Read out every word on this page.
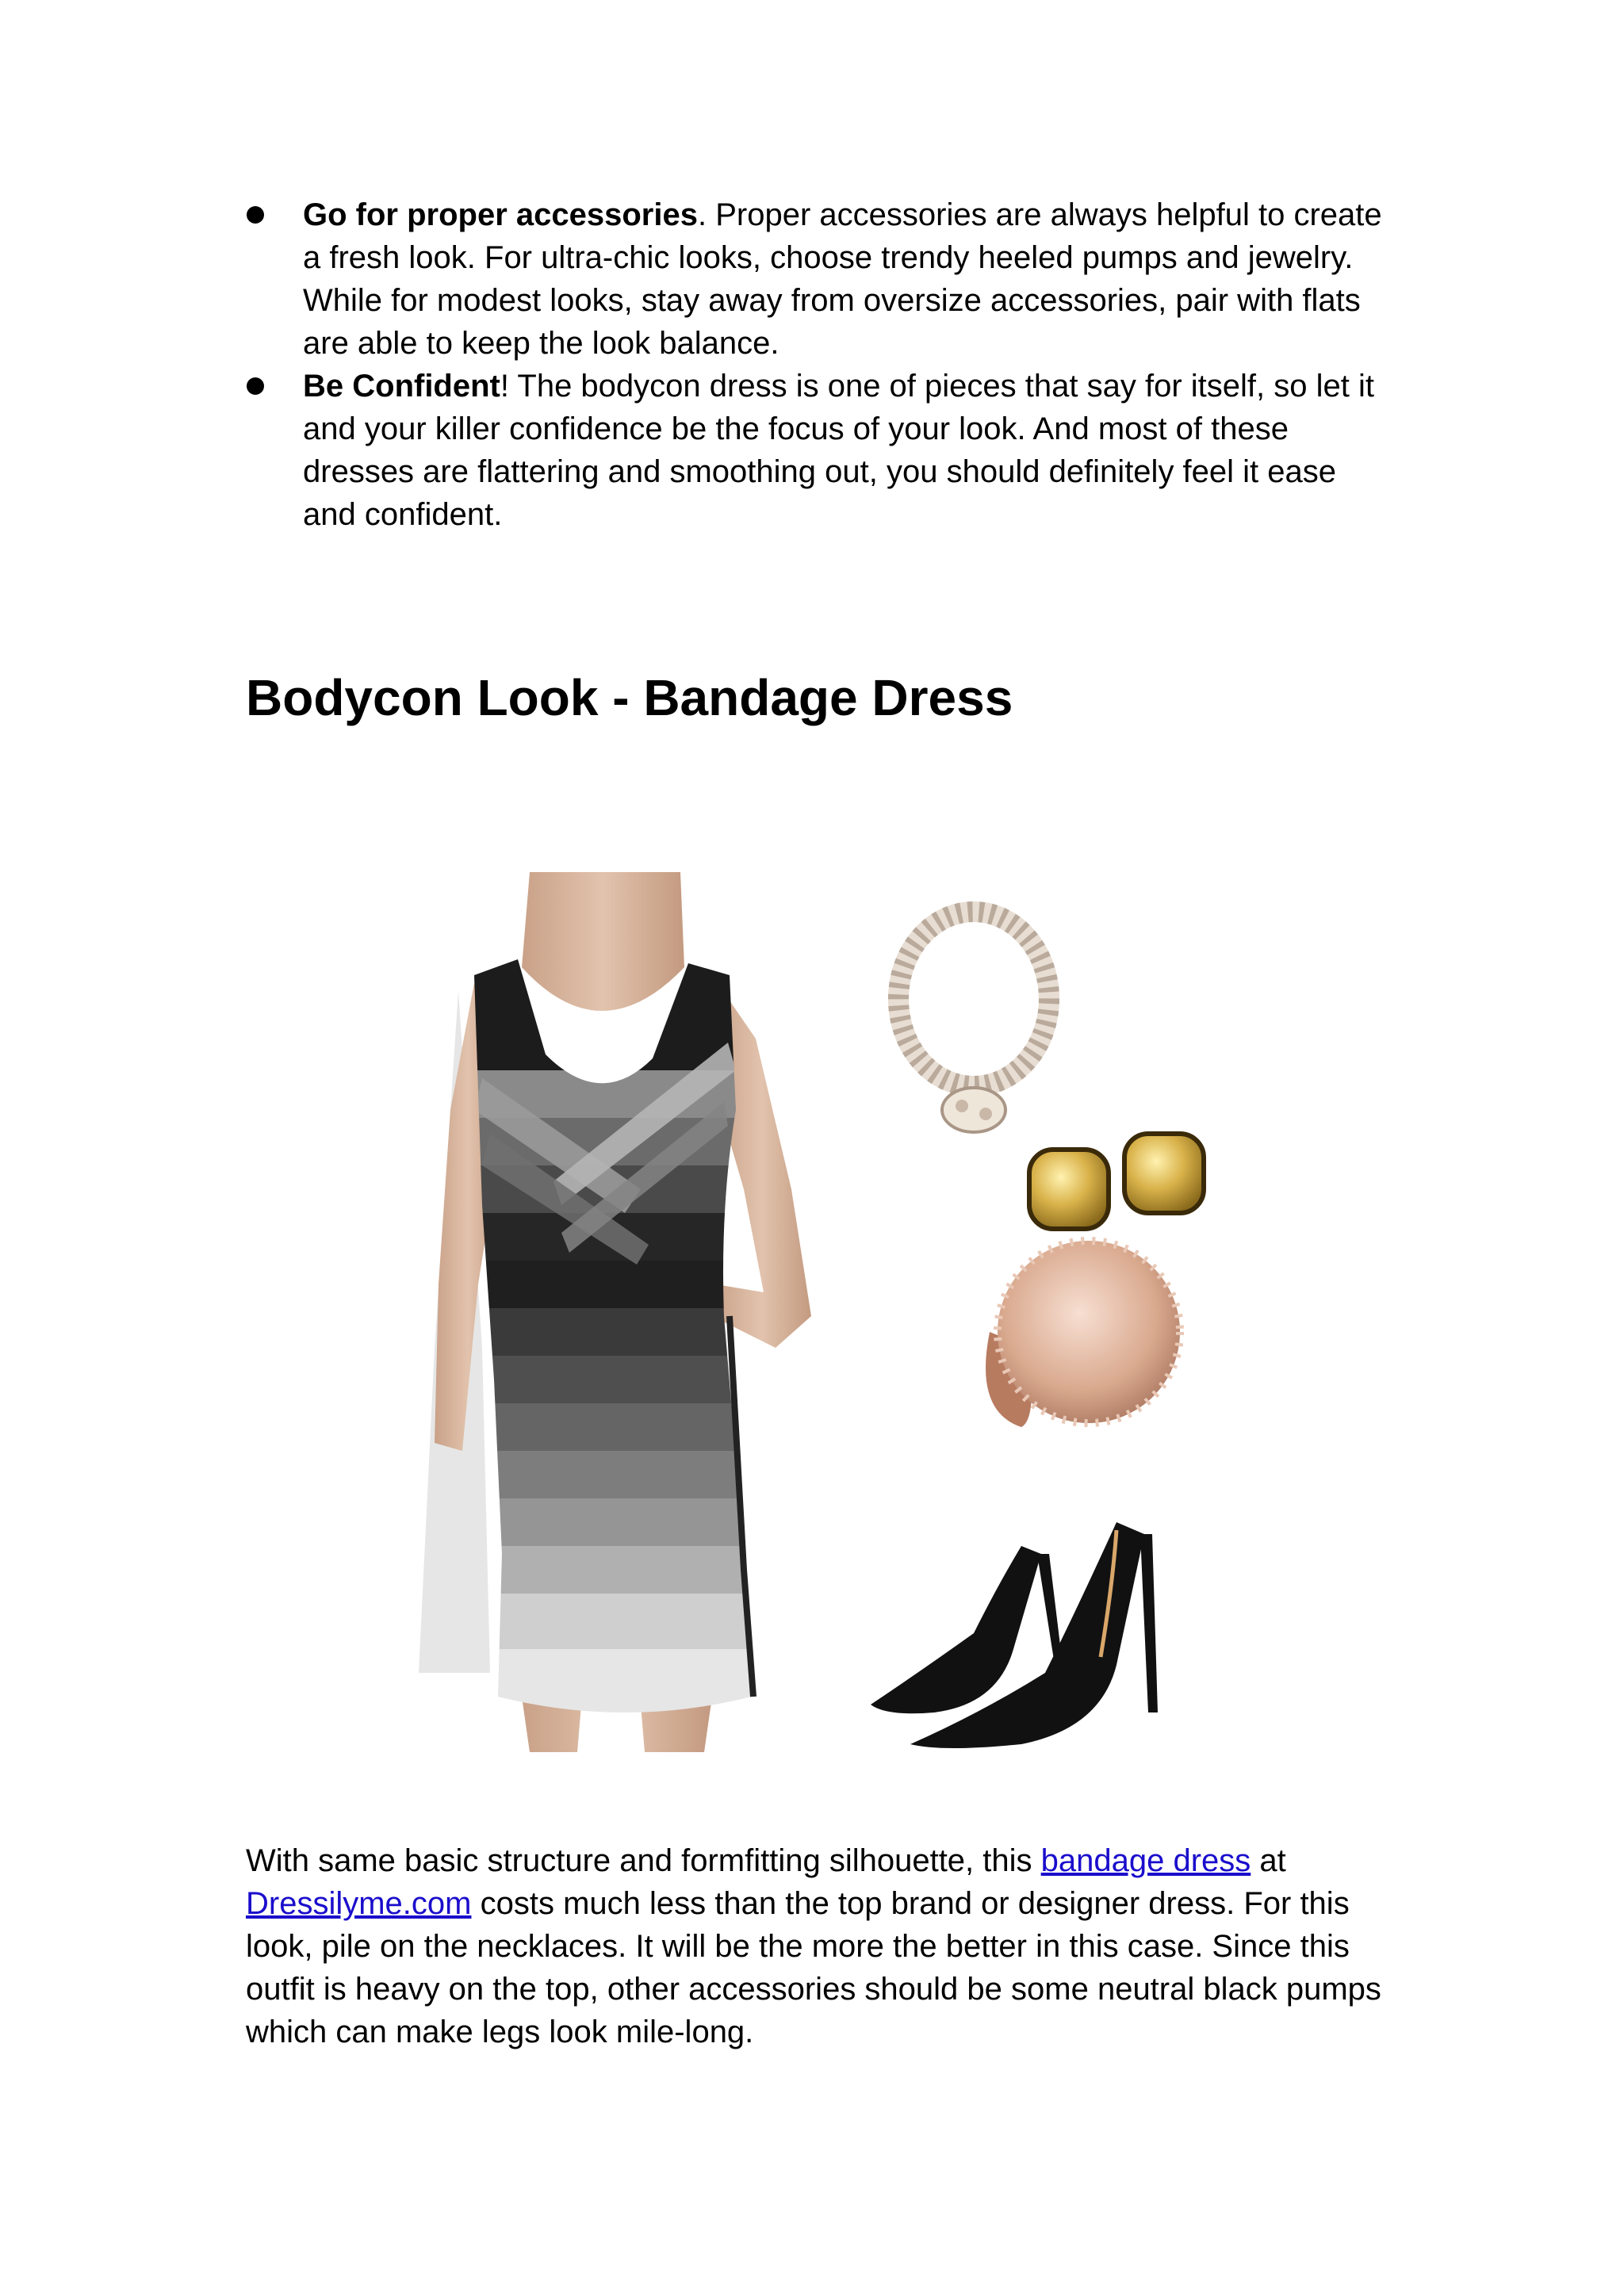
Go for proper accessories. Proper accessories are always helpful to create a fresh look. For ultra-chic looks, choose trendy heeled pumps and jewelry. While for modest looks, stay away from oversize accessories, pair with flats are able to keep the look balance.
Be Confident! The bodycon dress is one of pieces that say for itself, so let it and your killer confidence be the focus of your look. And most of these dresses are flattering and smoothing out, you should definitely feel it ease and confident.
Bodycon Look - Bandage Dress

With same basic structure and formfitting silhouette, this bandage dress at Dressilyme.com costs much less than the top brand or designer dress. For this look, pile on the necklaces. It will be the more the better in this case. Since this outfit is heavy on the top, other accessories should be some neutral black pumps which can make legs look mile-long.
